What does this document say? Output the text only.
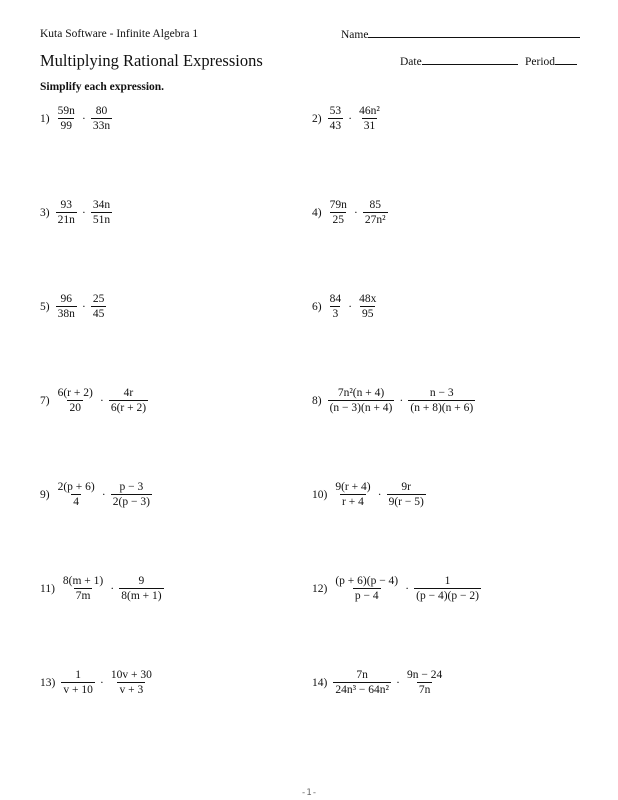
Kuta Software - Infinite Algebra 1	Name
Multiplying Rational Expressions	Date	Period
Simplify each expression.
$1) \frac{59n}{99} \cdot \frac{80}{33n}$	$2) \frac{53}{43} \cdot \frac{\text{46n²}}{31}$
$3) \frac{93}{21n} \cdot \frac{34n}{51n}$	$4) \frac{79n}{25} \cdot \frac{85}{\text{27n²}}$
$5) \frac{96}{38n} \cdot \frac{25}{45}$	$6) \frac{84}{3} \cdot \frac{48x}{95}$
$7) \frac{6(r + 2)}{20} \cdot \frac{4r}{6(r + 2)}$	$8) \frac{\text{7n²(n + 4)}}{(n - 3)(n + 4)} \cdot \frac{n - 3}{(n + 8)(n + 6)}$
$9) \frac{2(p + 6)}{4} \cdot \frac{p - 3}{2(p - 3)}$	$10) \frac{9(r + 4)}{r + 4} \cdot \frac{9r}{9(r - 5)}$
$11) \frac{8(m + 1)}{7m} \cdot \frac{9}{8(m + 1)}$	$12) \frac{(p + 6)(p - 4)}{p - 4} \cdot \frac{1}{(p - 4)(p - 2)}$
$13) \frac{1}{v + 10} \cdot \frac{10v + 30}{v + 3}$	$14) \frac{7n}{\text{24n³ − 64n²}} \cdot \frac{9n - 24}{7n}$
-1-
